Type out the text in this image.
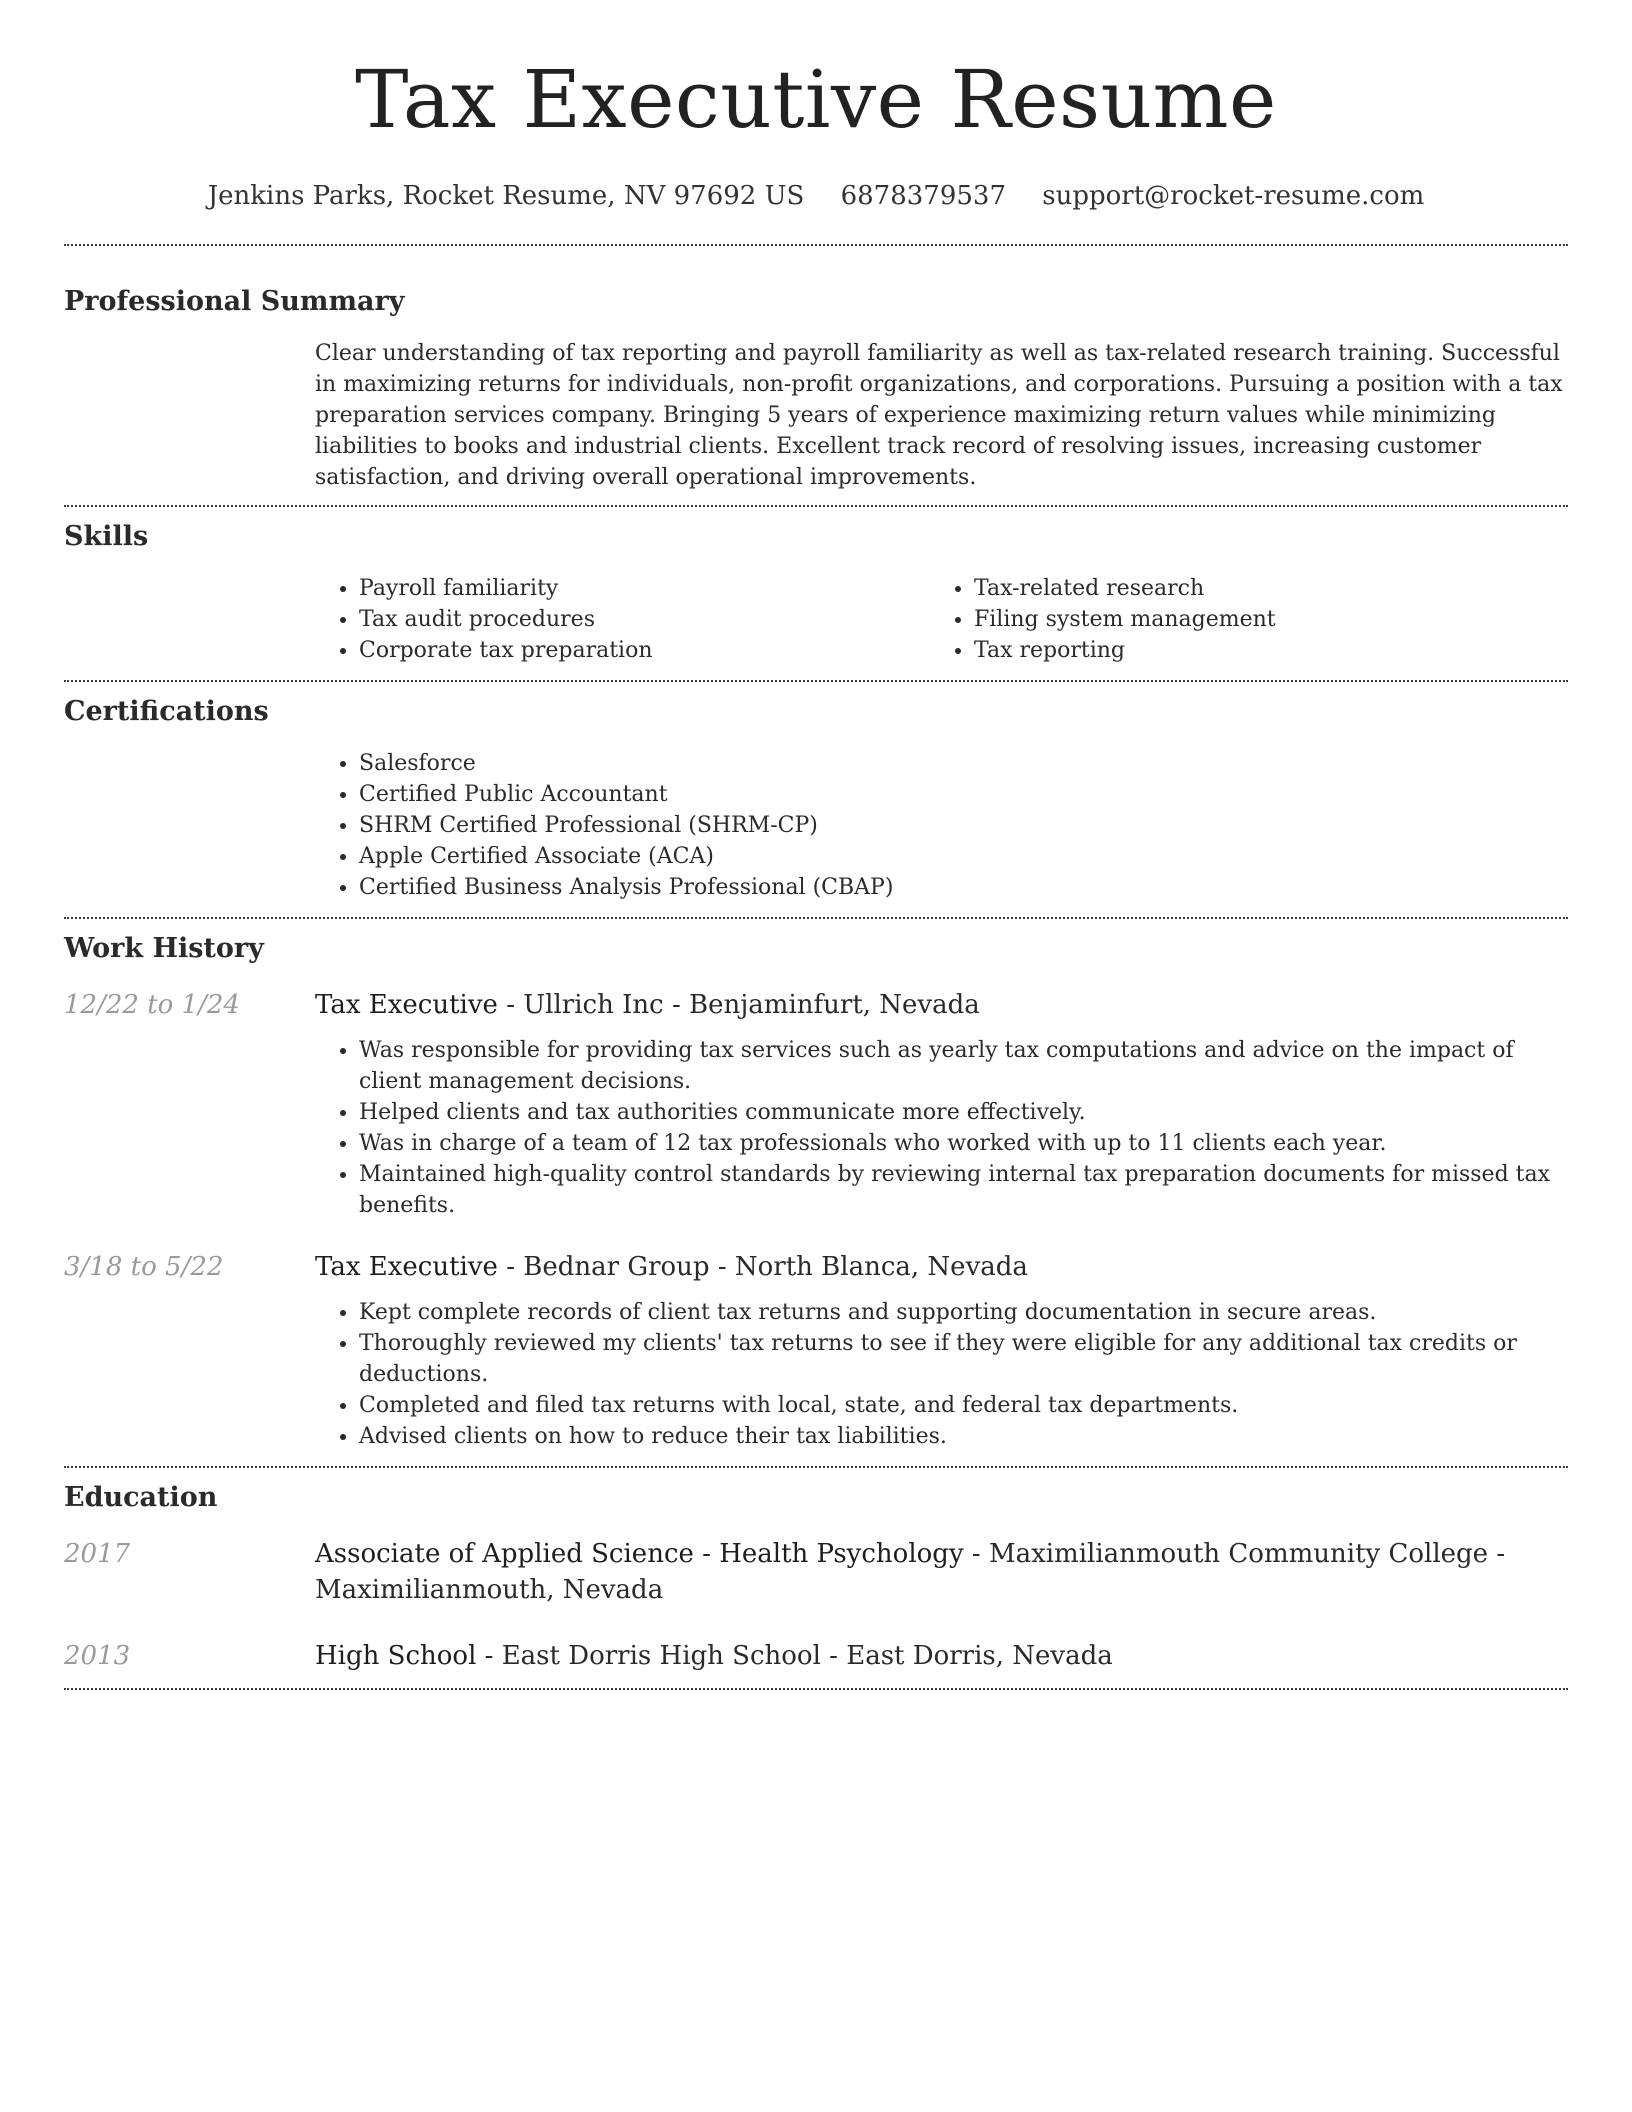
Tax Executive Resume
Jenkins Parks, Rocket Resume, NV 97692 US 6878379537 support@rocket-resume.com
Professional Summary

Clear understanding of tax reporting and payroll familiarity as well as tax-related research training. Successful in maximizing returns for individuals, non-profit organizations, and corporations. Pursuing a position with a tax preparation services company. Bringing 5 years of experience maximizing return values while minimizing liabilities to books and industrial clients. Excellent track record of resolving issues, increasing customer satisfaction, and driving overall operational improvements.

Skills
• Payroll familiarity
• Tax audit procedures
• Corporate tax preparation
• Tax-related research
• Filing system management
• Tax reporting
Certifications
• Salesforce
• Certified Public Accountant
• SHRM Certified Professional (SHRM-CP)
• Apple Certified Associate (ACA)
• Certified Business Analysis Professional (CBAP)
Work History
12/22 to 1/24	Tax Executive - Ullrich Inc - Benjaminfurt, Nevada
• Was responsible for providing tax services such as yearly tax computations and advice on the impact of client management decisions.
• Helped clients and tax authorities communicate more effectively.
• Was in charge of a team of 12 tax professionals who worked with up to 11 clients each year.
• Maintained high-quality control standards by reviewing internal tax preparation documents for missed tax benefits.
3/18 to 5/22	Tax Executive - Bednar Group - North Blanca, Nevada
• Kept complete records of client tax returns and supporting documentation in secure areas.
• Thoroughly reviewed my clients' tax returns to see if they were eligible for any additional tax credits or deductions.
• Completed and filed tax returns with local, state, and federal tax departments.
• Advised clients on how to reduce their tax liabilities.
Education
2017	Associate of Applied Science - Health Psychology - Maximilianmouth Community College - Maximilianmouth, Nevada
2013	High School - East Dorris High School - East Dorris, Nevada
